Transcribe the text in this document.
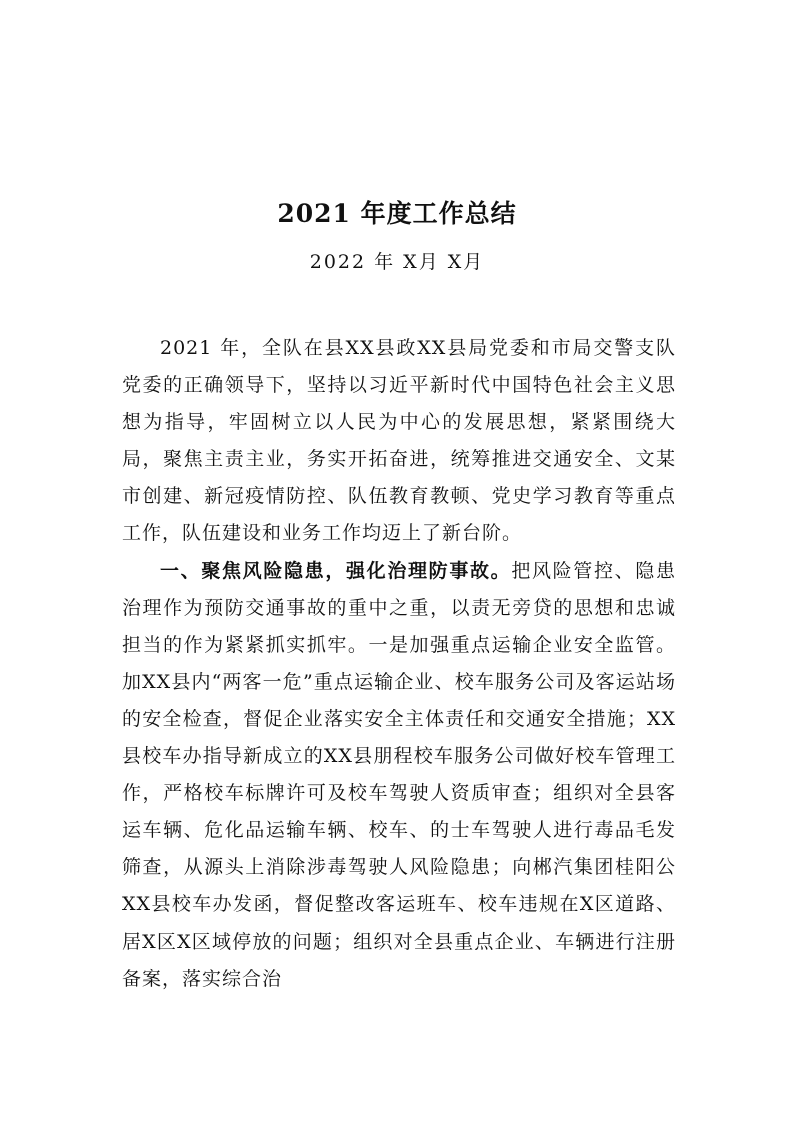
2021 年度工作总结
2022 年 X月 X月

2021 年，全队在县XX县政XX县局党委和市局交警支队党委的正确领导下，坚持以习近平新时代中国特色社会主义思想为指导，牢固树立以人民为中心的发展思想，紧紧围绕大局，聚焦主责主业，务实开拓奋进，统筹推进交通安全、文某市创建、新冠疫情防控、队伍教育教顿、党史学习教育等重点工作，队伍建设和业务工作均迈上了新台阶。

一、聚焦风险隐患，强化治理防事故。把风险管控、隐患治理作为预防交通事故的重中之重，以责无旁贷的思想和忠诚担当的作为紧紧抓实抓牢。一是加强重点运输企业安全监管。加XX县内“两客一危”重点运输企业、校车服务公司及客运站场的安全检查，督促企业落实安全主体责任和交通安全措施；XX县校车办指导新成立的XX县朋程校车服务公司做好校车管理工作，严格校车标牌许可及校车驾驶人资质审查；组织对全县客运车辆、危化品运输车辆、校车、的士车驾驶人进行毒品毛发筛查，从源头上消除涉毒驾驶人风险隐患；向郴汽集团桂阳公XX县校车办发函，督促整改客运班车、校车违规在X区道路、居X区X区域停放的问题；组织对全县重点企业、车辆进行注册备案，落实综合治
